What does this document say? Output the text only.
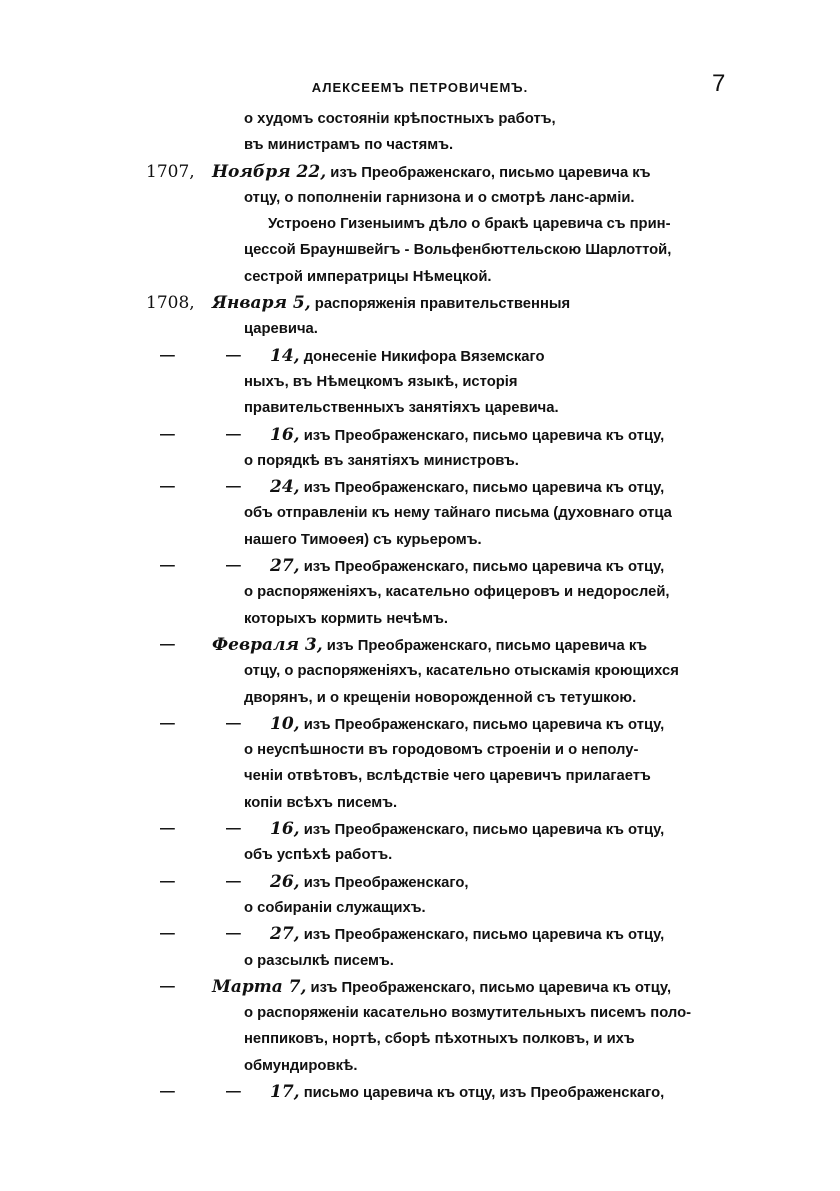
АЛЕКСЕЕМЪ ПЕТРОВИЧЕМЪ.	7
о худомъ состоянiи крѣпостныхъ работъ,
въ министрамъ по частямъ.
1707, Ноября 22, изъ Преображенскаго, письмо царевича къ
отцу, о пополненiи гарнизона и о смотрѣ ланс-армiи.
Устроено Гизеныимъ дѣло о бракѣ царевича съ прин-
цессой Брауншвейгъ - Вольфенбюттельскою Шарлоттой,
сестрой императрицы Нѣмецкой.
1708, Января 5, распоряженiя правительственныя
царевича.
—	— 14, донесенiе Никифора Вяземскаго
ныхъ, въ Нѣмецкомъ языкѣ, исторiя
правительственныхъ занятiяхъ царевича.
—	— 16, изъ Преображенскаго, письмо царевича къ отцу,
о порядкѣ въ занятiяхъ министровъ.
—	— 24, изъ Преображенскаго, письмо царевича къ отцу,
объ отправленiи къ нему тайнаго письма (духовнаго отца
нашего Тимоѳея) съ курьеромъ.
—	— 27, изъ Преображенскаго, письмо царевича къ отцу,
о распоряженiяхъ, касательно офицеровъ и недорослей,
которыхъ кормить нечѣмъ.
— Февраля 3, изъ Преображенскаго, письмо царевича къ
отцу, о распоряженiяхъ, касательно отыскамiя кроющихся
дворянъ, и о крещенiи новорожденной съ тетушкою.
—	— 10, изъ Преображенскаго, письмо царевича къ отцу,
о неуспѣшности въ городовомъ строенiи и о неполу-
ченiи отвѣтовъ, вслѣдствiе чего царевичъ прилагаетъ
копiи всѣхъ писемъ.
—	— 16, изъ Преображенскаго, письмо царевича къ отцу,
объ успѣхѣ работъ.
—	— 26, изъ Преображенскаго,
о собиранiи служащихъ.
—	— 27, изъ Преображенскаго, письмо царевича къ отцу,
о разсылкѣ писемъ.
— Марта 7, изъ Преображенскаго, письмо царевича къ отцу,
о распоряженiи касательно возмутительныхъ писемъ поло-
неппиковъ, нортѣ, сборѣ пѣхотныхъ полковъ, и ихъ
обмундировкѣ.
—	— 17, письмо царевича къ отцу, изъ Преображенскаго,
